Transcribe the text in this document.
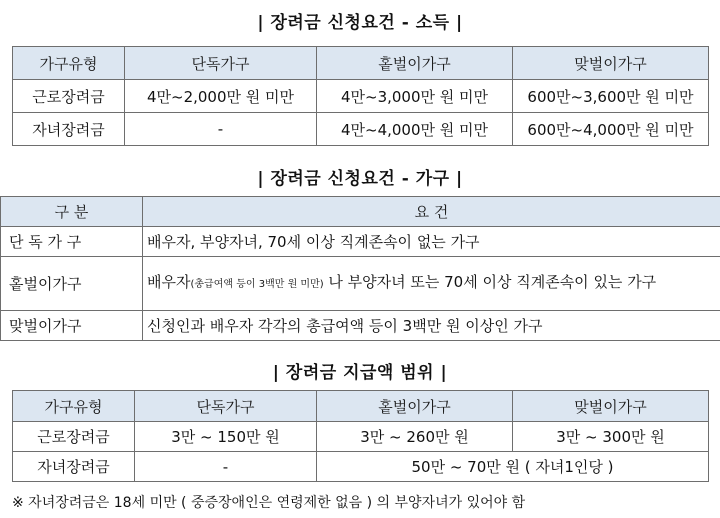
| 장려금 신청요건 - 소득 |
가구유형	단독가구	홑벌이가구	맞벌이가구
근로장려금	4만~2,000만 원 미만	4만~3,000만 원 미만	600만~3,600만 원 미만
자녀장려금	-	4만~4,000만 원 미만	600만~4,000만 원 미만
| 장려금 신청요건 - 가구 |
구 분	요 건
단 독 가 구	배우자, 부양자녀, 70세 이상 직계존속이 없는 가구
홑벌이가구	배우자(총급여액 등이 3백만 원 미만) 나 부양자녀 또는 70세 이상 직계존속이 있는 가구
맞벌이가구	신청인과 배우자 각각의 총급여액 등이 3백만 원 이상인 가구
| 장려금 지급액 범위 |
가구유형	단독가구	홑벌이가구	맞벌이가구
근로장려금	3만 ~ 150만 원	3만 ~ 260만 원	3만 ~ 300만 원
자녀장려금	-	50만 ~ 70만 원 ( 자녀1인당 )	
※ 자녀장려금은 18세 미만 ( 중증장애인은 연령제한 없음 ) 의 부양자녀가 있어야 함
